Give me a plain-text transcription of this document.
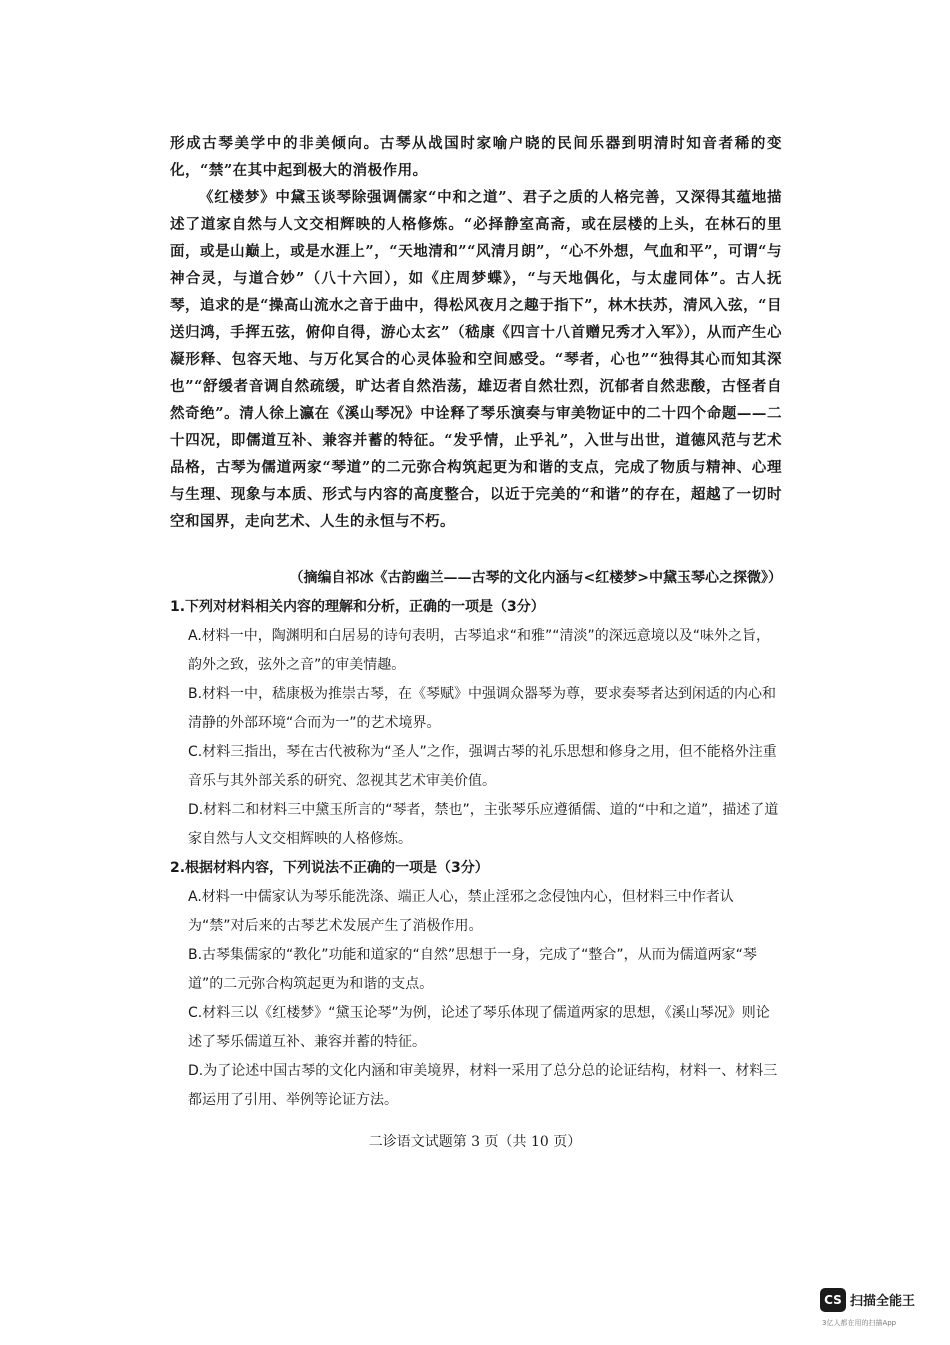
形成古琴美学中的非美倾向。古琴从战国时家喻户晓的民间乐器到明清时知音者稀的变化，“禁”在其中起到极大的消极作用。

《红楼梦》中黛玉谈琴除强调儒家“中和之道”、君子之质的人格完善，又深得其蕴地描述了道家自然与人文交相辉映的人格修炼。“必择静室高斋，或在层楼的上头，在林石的里面，或是山巅上，或是水涯上”，“天地清和”“风清月朗”，“心不外想，气血和平”，可谓“与神合灵，与道合妙”（八十六回），如《庄周梦蝶》，“与天地偶化，与太虚同体”。古人抚琴，追求的是“操高山流水之音于曲中，得松风夜月之趣于指下”，林木扶苏，清风入弦，“目送归鸿，手挥五弦，俯仰自得，游心太玄”（嵇康《四言十八首赠兄秀才入军》），从而产生心凝形释、包容天地、与万化冥合的心灵体验和空间感受。“琴者，心也”“独得其心而知其深也”“舒缓者音调自然疏缓，旷达者自然浩荡，雄迈者自然壮烈，沉郁者自然悲酸，古怪者自然奇绝”。清人徐上瀛在《溪山琴况》中诠释了琴乐演奏与审美物证中的二十四个命题——二十四况，即儒道互补、兼容并蓄的特征。“发乎情，止乎礼”，入世与出世，道德风范与艺术品格，古琴为儒道两家“琴道”的二元弥合构筑起更为和谐的支点，完成了物质与精神、心理与生理、现象与本质、形式与内容的高度整合，以近于完美的“和谐”的存在，超越了一切时空和国界，走向艺术、人生的永恒与不朽。

（摘编自祁冰《古韵幽兰——古琴的文化内涵与<红楼梦>中黛玉琴心之探微》）

1.下列对材料相关内容的理解和分析，正确的一项是（3分）

A.材料一中，陶渊明和白居易的诗句表明，古琴追求“和雅”“清淡”的深远意境以及“味外之旨，韵外之致，弦外之音”的审美情趣。

B.材料一中，嵇康极为推崇古琴，在《琴赋》中强调众器琴为尊，要求奏琴者达到闲适的内心和清静的外部环境“合而为一”的艺术境界。

C.材料三指出，琴在古代被称为“圣人”之作，强调古琴的礼乐思想和修身之用，但不能格外注重音乐与其外部关系的研究、忽视其艺术审美价值。

D.材料二和材料三中黛玉所言的“琴者，禁也”，主张琴乐应遵循儒、道的“中和之道”，描述了道家自然与人文交相辉映的人格修炼。

2.根据材料内容，下列说法不正确的一项是（3分）

A.材料一中儒家认为琴乐能洗涤、端正人心，禁止淫邪之念侵蚀内心，但材料三中作者认为“禁”对后来的古琴艺术发展产生了消极作用。

B.古琴集儒家的“教化”功能和道家的“自然”思想于一身，完成了“整合”，从而为儒道两家“琴道”的二元弥合构筑起更为和谐的支点。

C.材料三以《红楼梦》“黛玉论琴”为例，论述了琴乐体现了儒道两家的思想，《溪山琴况》则论述了琴乐儒道互补、兼容并蓄的特征。

D.为了论述中国古琴的文化内涵和审美境界，材料一采用了总分总的论证结构，材料一、材料三都运用了引用、举例等论证方法。

二诊语文试题第 3 页（共 10 页）
CS 扫描全能王
3亿人都在用的扫描App
